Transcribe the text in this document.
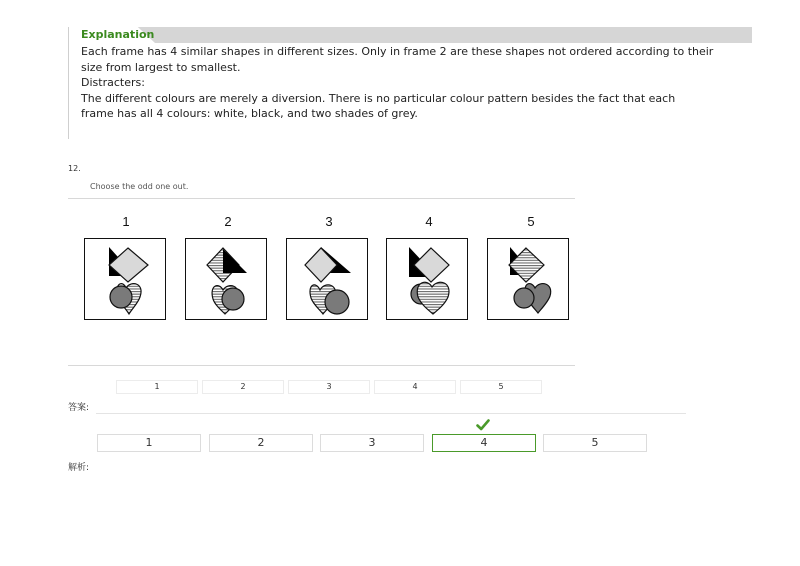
Explanation
Each frame has 4 similar shapes in different sizes. Only in frame 2 are these shapes not ordered according to their
size from largest to smallest.
Distracters:
The different colours are merely a diversion. There is no particular colour pattern besides the fact that each
frame has all 4 colours: white, black, and two shades of grey.
12.
Choose the odd one out.
1	2	3	4	5
1	2	3	4	5
答案:
1	2	3	4	5
解析:
